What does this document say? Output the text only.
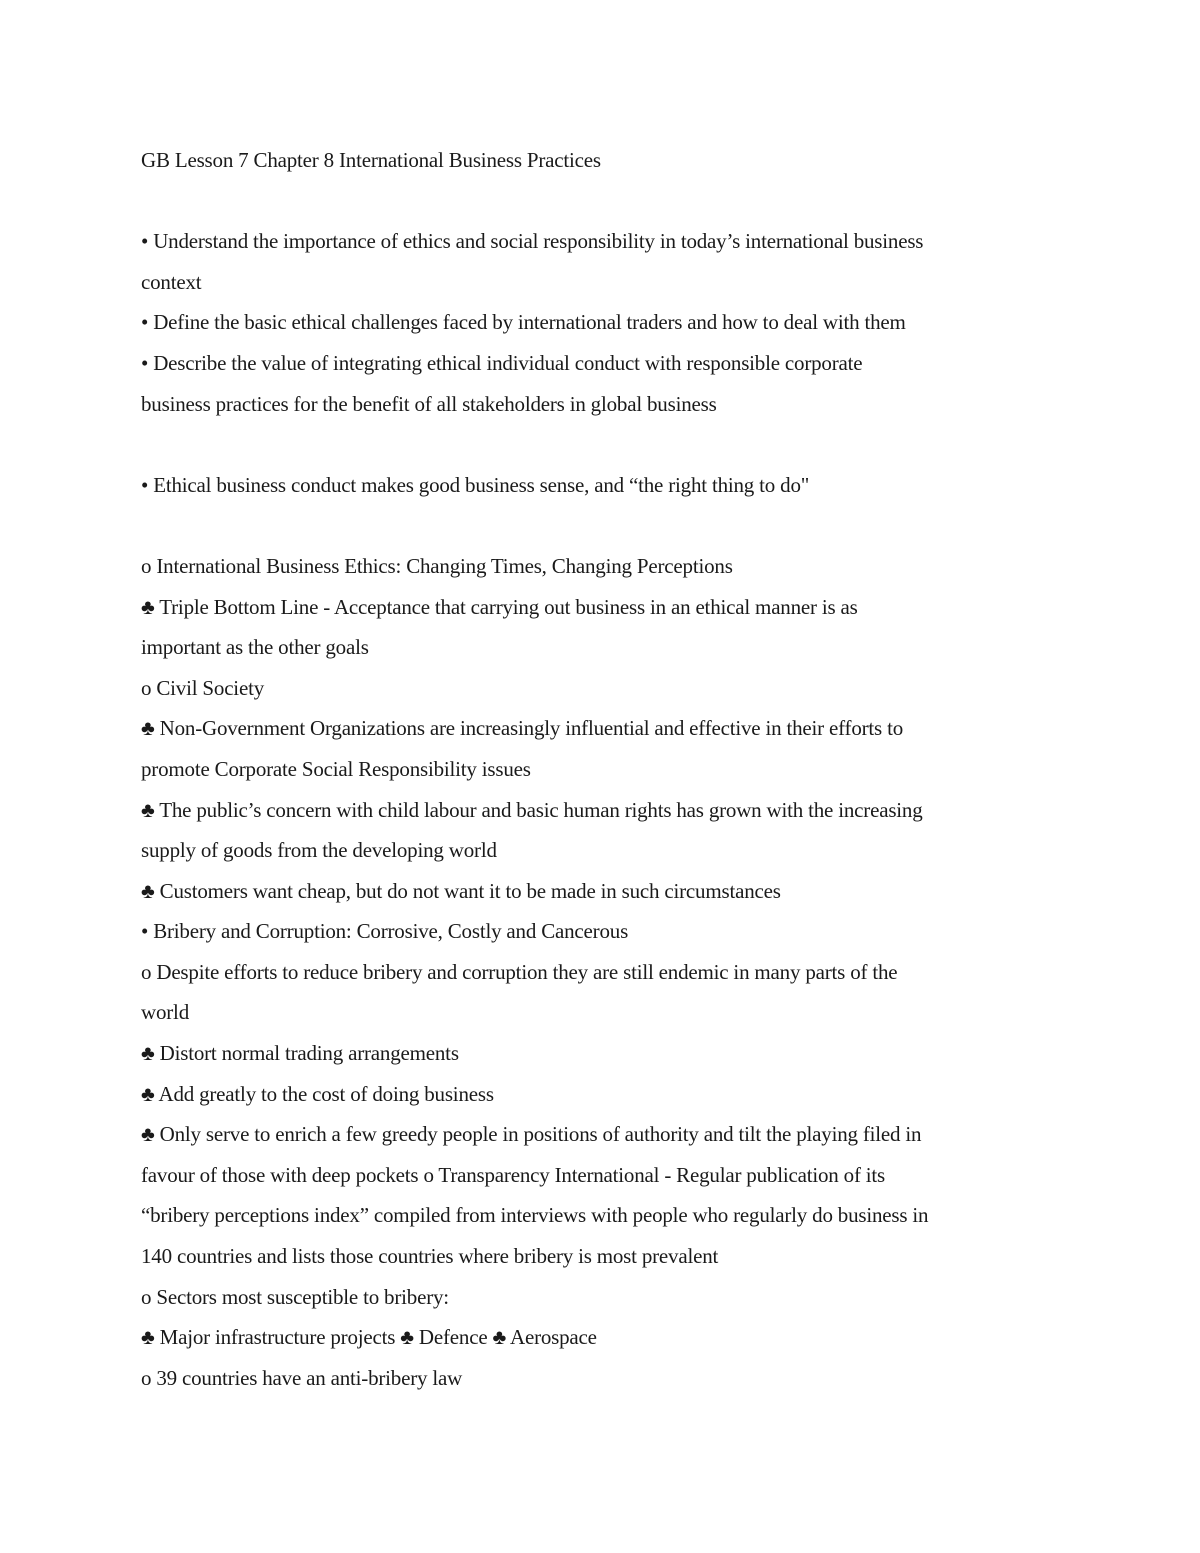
GB Lesson 7 Chapter 8 International Business Practices
• Understand the importance of ethics and social responsibility in today’s international business
context
• Define the basic ethical challenges faced by international traders and how to deal with them
• Describe the value of integrating ethical individual conduct with responsible corporate
business practices for the benefit of all stakeholders in global business
• Ethical business conduct makes good business sense, and “the right thing to do"
o International Business Ethics: Changing Times, Changing Perceptions
♣ Triple Bottom Line - Acceptance that carrying out business in an ethical manner is as
important as the other goals
o Civil Society
♣ Non-Government Organizations are increasingly influential and effective in their efforts to
promote Corporate Social Responsibility issues
♣ The public’s concern with child labour and basic human rights has grown with the increasing
supply of goods from the developing world
♣ Customers want cheap, but do not want it to be made in such circumstances
• Bribery and Corruption: Corrosive, Costly and Cancerous
o Despite efforts to reduce bribery and corruption they are still endemic in many parts of the
world
♣ Distort normal trading arrangements
♣ Add greatly to the cost of doing business
♣ Only serve to enrich a few greedy people in positions of authority and tilt the playing filed in
favour of those with deep pockets o Transparency International - Regular publication of its
“bribery perceptions index” compiled from interviews with people who regularly do business in
140 countries and lists those countries where bribery is most prevalent
o Sectors most susceptible to bribery:
♣ Major infrastructure projects ♣ Defence ♣ Aerospace
o 39 countries have an anti-bribery law
